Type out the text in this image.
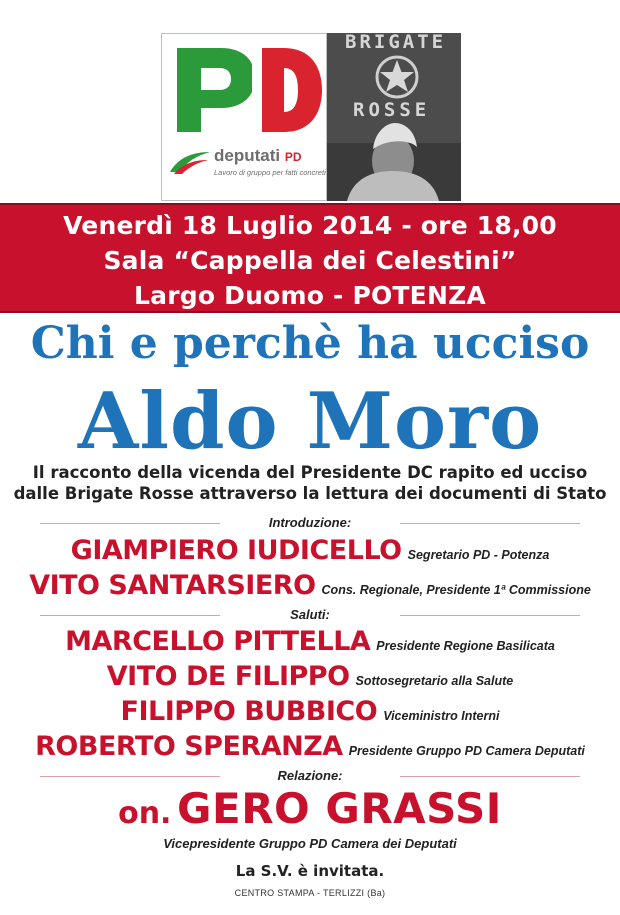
deputati PD
Lavoro di gruppo per fatti concreti
BRIGATE
ROSSE
Venerdì 18 Luglio 2014 - ore 18,00
Sala “Cappella dei Celestini”
Largo Duomo - POTENZA
Chi e perchè ha ucciso
Aldo Moro
Il racconto della vicenda del Presidente DC rapito ed ucciso
dalle Brigate Rosse attraverso la lettura dei documenti di Stato
Introduzione:
GIAMPIERO IUDICELLO Segretario PD - Potenza
VITO SANTARSIERO Cons. Regionale, Presidente 1ª Commissione
Saluti:
MARCELLO PITTELLA Presidente Regione Basilicata
VITO DE FILIPPO Sottosegretario alla Salute
FILIPPO BUBBICO Viceministro Interni
ROBERTO SPERANZA Presidente Gruppo PD Camera Deputati
Relazione:
on. GERO GRASSI
Vicepresidente Gruppo PD Camera dei Deputati
La S.V. è invitata.
CENTRO STAMPA - TERLIZZI (Ba)
